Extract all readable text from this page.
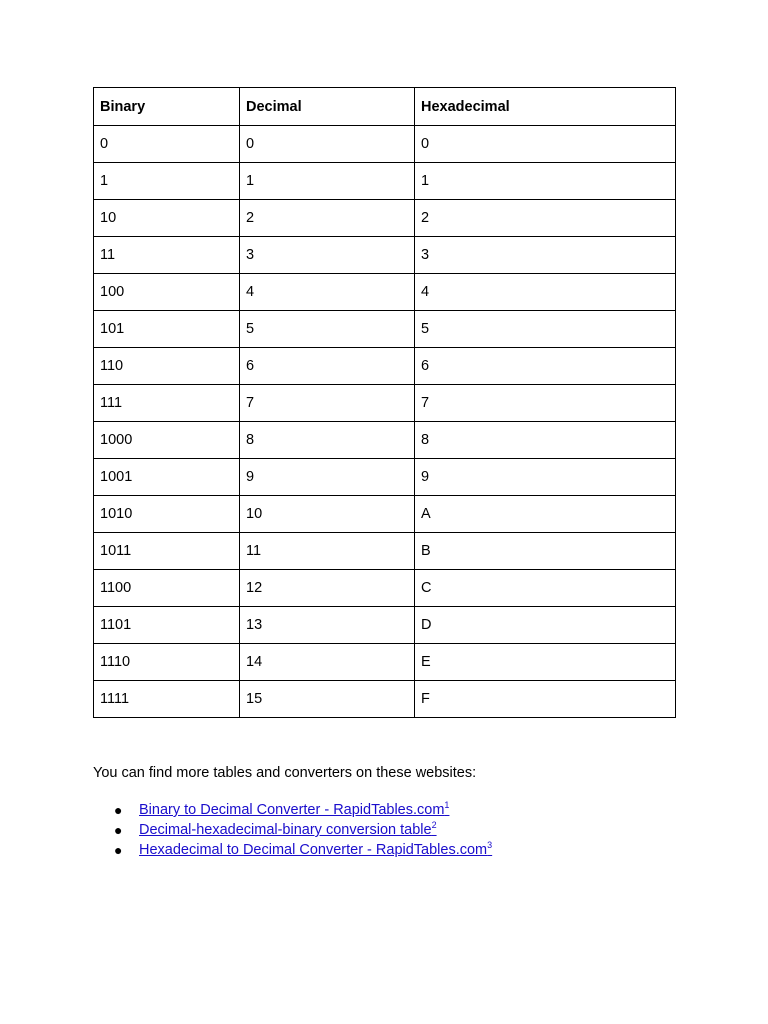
Binary	Decimal	Hexadecimal
0	0	0
1	1	1
10	2	2
11	3	3
100	4	4
101	5	5
110	6	6
111	7	7
1000	8	8
1001	9	9
1010	10	A
1011	11	B
1100	12	C
1101	13	D
1110	14	E
1111	15	F

You can find more tables and converters on these websites:

● Binary to Decimal Converter - RapidTables.com$^1$
● Decimal-hexadecimal-binary conversion table$^2$
● Hexadecimal to Decimal Converter - RapidTables.com$^3$
